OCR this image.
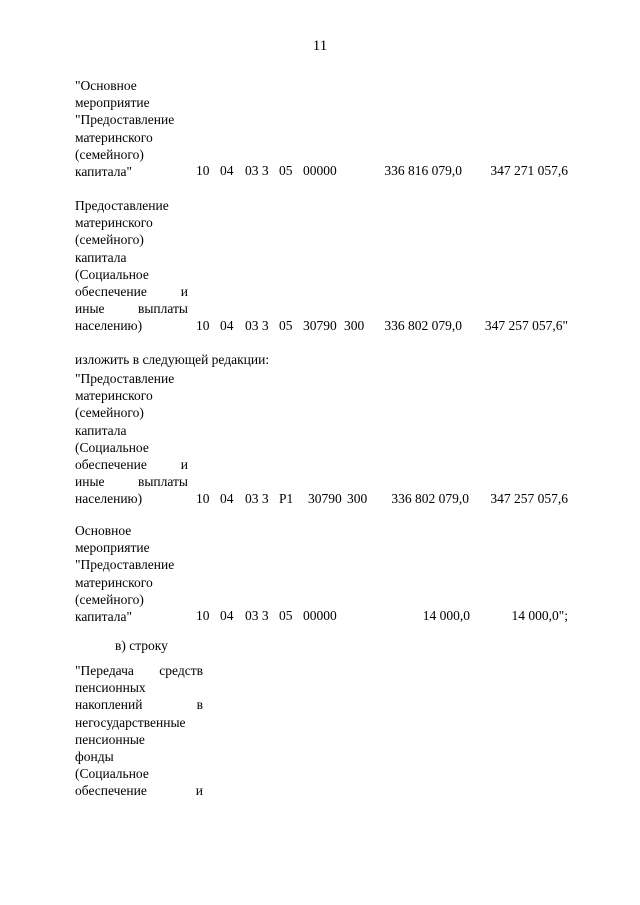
11
"Основное
мероприятие
"Предоставление
материнского
(семейного)
капитала"	10 04 03 3 05 00000	336 816 079,0	347 271 057,6
Предоставление
материнского
(семейного)
капитала
(Социальное
обеспечение	и
иные выплаты
населению)	10 04 03 3 05 30790 300	336 802 079,0	347 257 057,6"
изложить в следующей редакции:
"Предоставление
материнского
(семейного)
капитала
(Социальное
обеспечение	и
иные выплаты
населению)	10 04 03 3 P1 30790 300	336 802 079,0	347 257 057,6
Основное
мероприятие
"Предоставление
материнского
(семейного)
капитала"	10 04 03 3 05 00000	14 000,0	14 000,0";
в) строку
"Передача средств
пенсионных
накоплений	в
негосударственные
пенсионные
фонды
(Социальное
обеспечение	и
